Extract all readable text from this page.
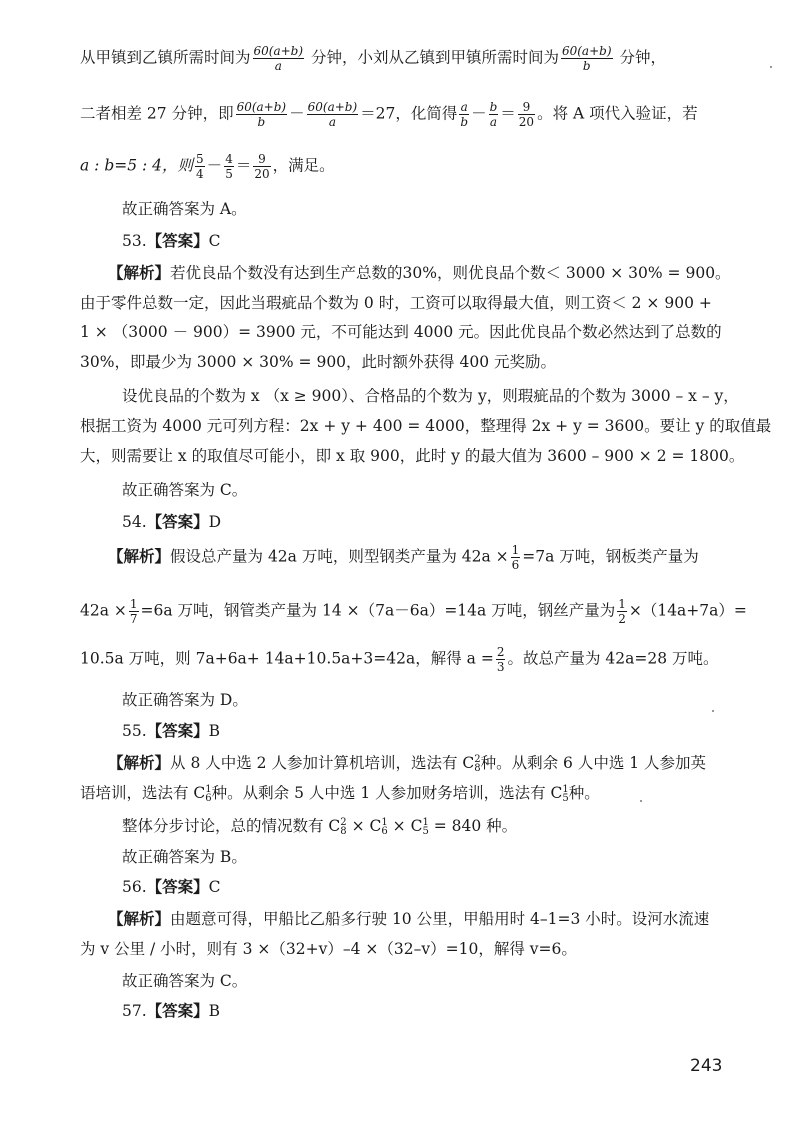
从甲镇到乙镇所需时间为 $\frac{60(a+b)}{a}$ 分钟，小刘从乙镇到甲镇所需时间为 $\frac{60(a+b)}{b}$ 分钟，
二者相差 27 分钟，即 $\frac{60(a+b)}{b} - \frac{60(a+b)}{a} =27$，化简得 $\frac{a}{b} - \frac{b}{a} = \frac{9}{20}$ 。将 A 项代入验证，若
a : b=5 : 4，则 $\frac{5}{4} - \frac{4}{5} = \frac{9}{20}$ ，满足。
故正确答案为 A。
53.【答案】C
【解析】若优良品个数没有达到生产总数的30%，则优良品个数＜ 3000 × 30% = 900。
由于零件总数一定，因此当瑕疵品个数为 0 时，工资可以取得最大值，则工资＜ 2 × 900 +
1 × （3000 － 900）= 3900 元，不可能达到 4000 元。因此优良品个数必然达到了总数的
30%，即最少为 3000 × 30% = 900，此时额外获得 400 元奖励。
设优良品的个数为 x （x ≥ 900）、合格品的个数为 y，则瑕疵品的个数为 3000 – x – y，
根据工资为 4000 元可列方程：2x + y + 400 = 4000，整理得 2x + y = 3600。要让 y 的取值最
大，则需要让 x 的取值尽可能小，即 x 取 900，此时 y 的最大值为 3600 – 900 × 2 = 1800。
故正确答案为 C。
54.【答案】D
【解析】假设总产量为 42a 万吨，则型钢类产量为 $42a \times \frac{1}{6} =7a$ 万吨，钢板类产量为
$42a \times \frac{1}{7} =6a$ 万吨，钢管类产量为 14 ×（7a－6a）=14a 万吨，钢丝产量为 $\frac{1}{2} \times(14a+7a)=$
10.5a 万吨，则 7a+6a+ 14a+10.5a+3=42a，解得 $a = \frac{2}{3}$ 。故总产量为 42a=28 万吨。
故正确答案为 D。
55.【答案】B
【解析】从 8 人中选 2 人参加计算机培训，选法有 C2
8种。从剩余 6 人中选 1 人参加英
语培训，选法有 C1
6种。从剩余 5 人中选 1 人参加财务培训，选法有 C1
5种。
整体分步讨论，总的情况数有 C2
8 × C1
6 × C1
5 = 840 种。
故正确答案为 B。
56.【答案】C
【解析】由题意可得，甲船比乙船多行驶 10 公里，甲船用时 4–1=3 小时。设河水流速
为 v 公里 / 小时，则有 3 ×（32+v）–4 ×（32–v）=10，解得 v=6。
故正确答案为 C。
57.【答案】B
243
